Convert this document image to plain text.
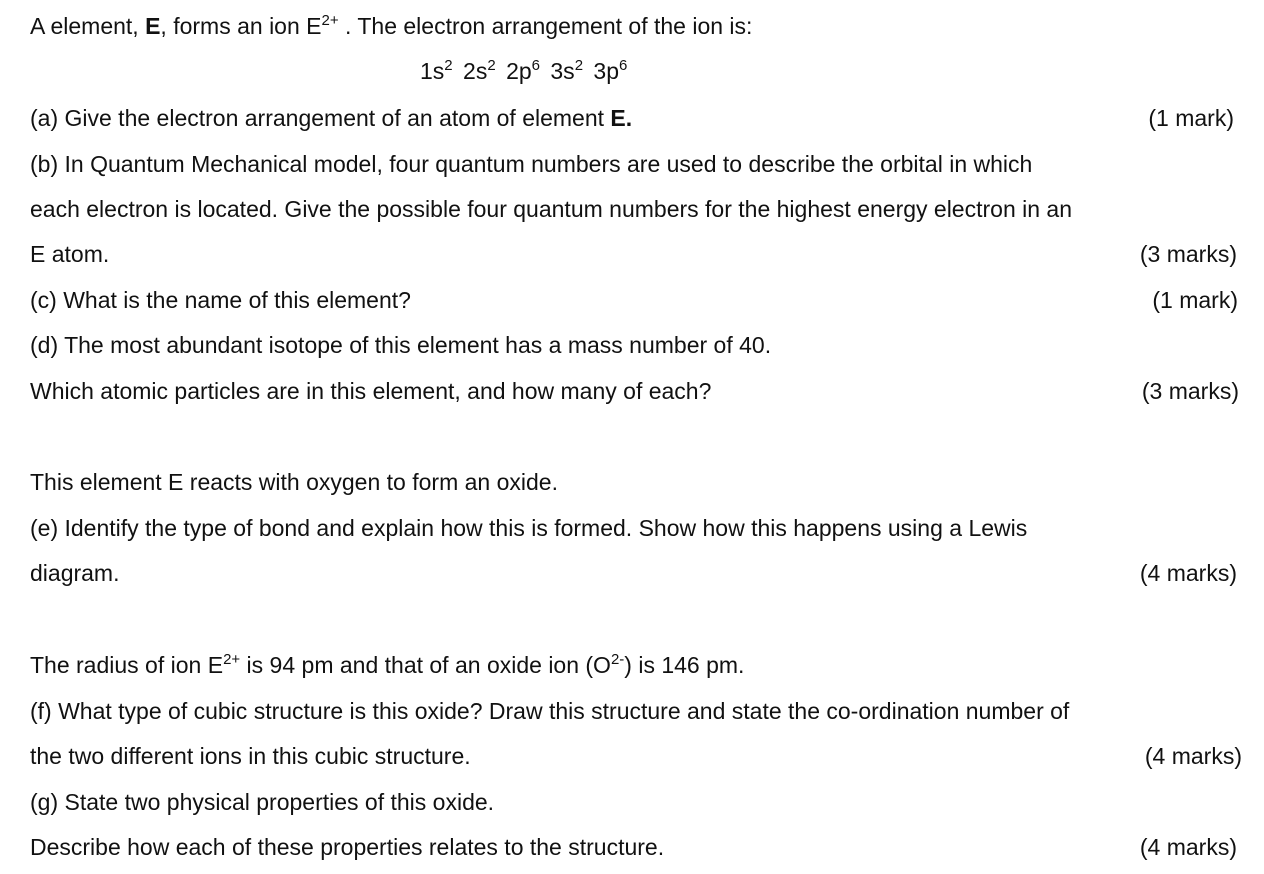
A element, E, forms an ion $E^{2+}$ . The electron arrangement of the ion is:
$1s^2$ $2s^2$ $2p^6$ $3s^2$ $3p^6$
(a) Give the electron arrangement of an atom of element E.	(1 mark)
(b) In Quantum Mechanical model, four quantum numbers are used to describe the orbital in which
each electron is located. Give the possible four quantum numbers for the highest energy electron in an
E atom.	(3 marks)
(c) What is the name of this element?	(1 mark)
(d) The most abundant isotope of this element has a mass number of 40.
Which atomic particles are in this element, and how many of each?	(3 marks)
This element E reacts with oxygen to form an oxide.
(e) Identify the type of bond and explain how this is formed. Show how this happens using a Lewis
diagram.	(4 marks)
The radius of ion $E^{2+}$ is 94 pm and that of an oxide ion $(O^{2-})$ is 146 pm.
(f) What type of cubic structure is this oxide? Draw this structure and state the co-ordination number of
the two different ions in this cubic structure.	(4 marks)
(g) State two physical properties of this oxide.
Describe how each of these properties relates to the structure.	(4 marks)
